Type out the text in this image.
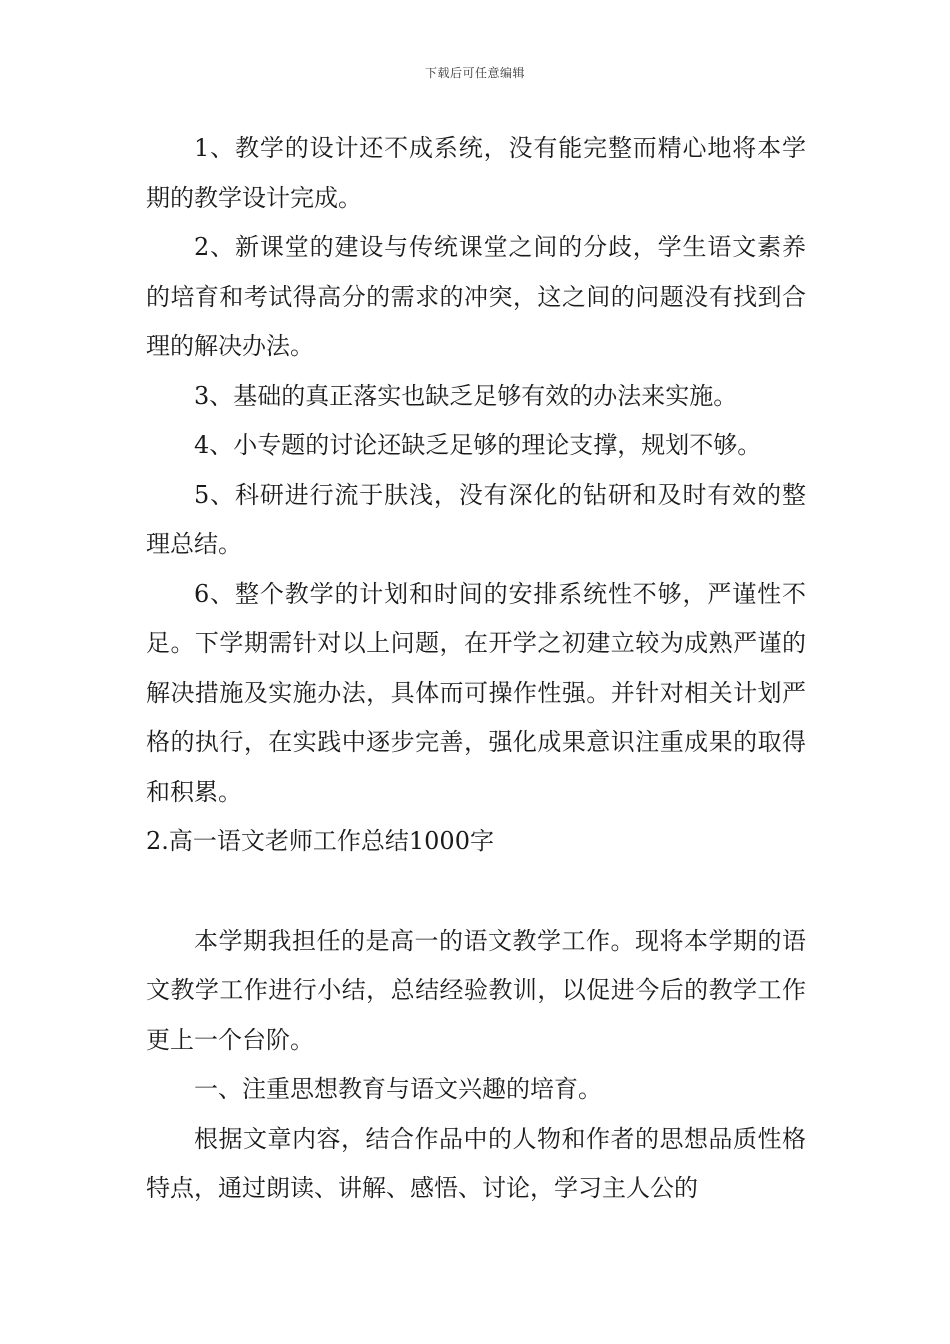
下载后可任意编辑

1、教学的设计还不成系统，没有能完整而精心地将本学期的教学设计完成。

2、新课堂的建设与传统课堂之间的分歧，学生语文素养的培育和考试得高分的需求的冲突，这之间的问题没有找到合理的解决办法。

3、基础的真正落实也缺乏足够有效的办法来实施。

4、小专题的讨论还缺乏足够的理论支撑，规划不够。

5、科研进行流于肤浅，没有深化的钻研和及时有效的整理总结。

6、整个教学的计划和时间的安排系统性不够，严谨性不足。下学期需针对以上问题，在开学之初建立较为成熟严谨的解决措施及实施办法，具体而可操作性强。并针对相关计划严格的执行，在实践中逐步完善，强化成果意识注重成果的取得和积累。

2.高一语文老师工作总结1000字

本学期我担任的是高一的语文教学工作。现将本学期的语文教学工作进行小结，总结经验教训，以促进今后的教学工作更上一个台阶。

一、注重思想教育与语文兴趣的培育。

根据文章内容，结合作品中的人物和作者的思想品质性格特点，通过朗读、讲解、感悟、讨论，学习主人公的
